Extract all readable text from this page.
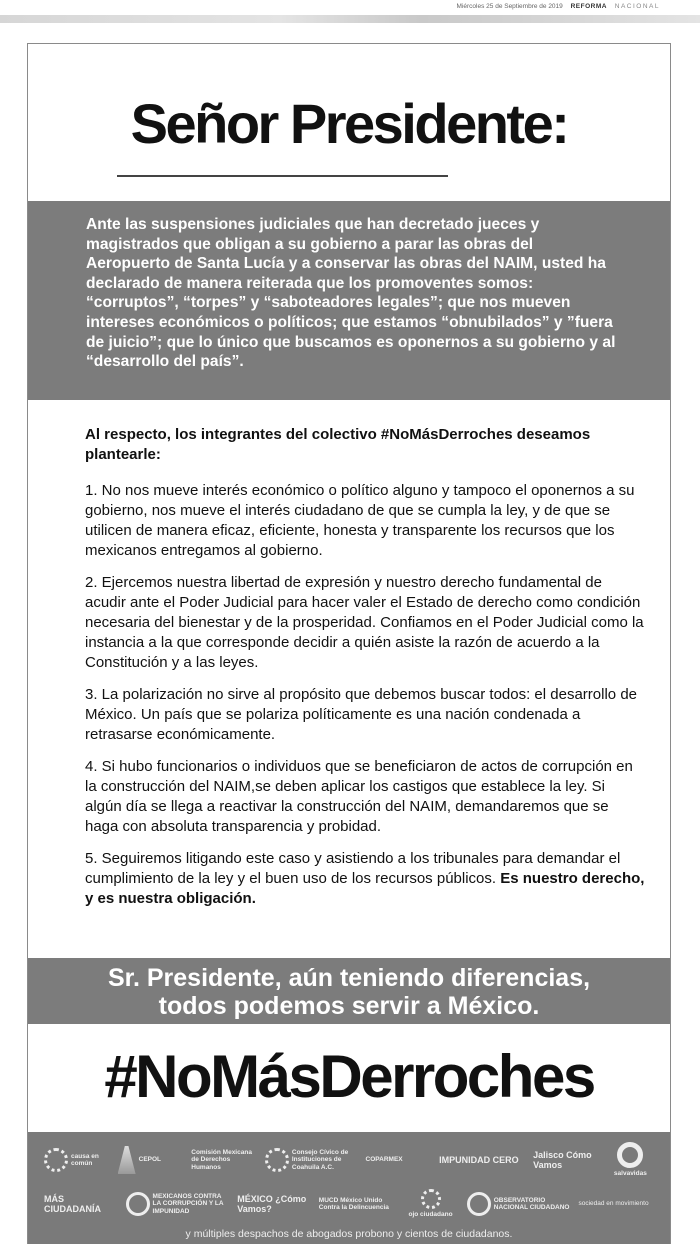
Miércoles 25 de Septiembre de 2019 REFORMA NACIONAL
Señor Presidente:

Ante las suspensiones judiciales que han decretado jueces y magistrados que obligan a su gobierno a parar las obras del Aeropuerto de Santa Lucía y a conservar las obras del NAIM, usted ha declarado de manera reiterada que los promoventes somos: “corruptos”, “torpes” y “saboteadores legales”; que nos mueven intereses económicos o políticos; que estamos “obnubilados” y ”fuera de juicio”; que lo único que buscamos es oponernos a su gobierno y al “desarrollo del país”.

Al respecto, los integrantes del colectivo #NoMásDerroches deseamos plantearle:

1. No nos mueve interés económico o político alguno y tampoco el oponernos a su gobierno, nos mueve el interés ciudadano de que se cumpla la ley, y de que se utilicen de manera eficaz, eficiente, honesta y transparente los recursos que los mexicanos entregamos al gobierno.

2. Ejercemos nuestra libertad de expresión y nuestro derecho fundamental de acudir ante el Poder Judicial para hacer valer el Estado de derecho como condición necesaria del bienestar y de la prosperidad. Confiamos en el Poder Judicial como la instancia a la que corresponde decidir a quién asiste la razón de acuerdo a la Constitución y a las leyes.

3. La polarización no sirve al propósito que debemos buscar todos: el desarrollo de México. Un país que se polariza políticamente es una nación condenada a retrasarse económicamente.

4. Si hubo funcionarios o individuos que se beneficiaron de actos de corrupción en la construcción del NAIM,se deben aplicar los castigos que establece la ley. Si algún día se llega a reactivar la construcción del NAIM, demandaremos que se haga con absoluta transparencia y probidad.

5. Seguiremos litigando este caso y asistiendo a los tribunales para demandar el cumplimiento de la ley y el buen uso de los recursos públicos. Es nuestro derecho, y es nuestra obligación.

Sr. Presidente, aún teniendo diferencias,
todos podemos servir a México.

#NoMásDerroches
causa en común
CEPOL
Comisión Mexicana de Derechos Humanos
Consejo Cívico de Instituciones de Coahuila A.C.
COPARMEX	IMPUNIDAD CERO Jalisco Cómo Vamos
salvavidas
MÁS CIUDADANÍA
MEXICANOS CONTRA LA CORRUPCIÓN Y LA IMPUNIDAD
MÉXICO ¿Cómo Vamos?
MUCD México Unido Contra la Delincuencia
ojo ciudadano
OBSERVATORIO NACIONAL CIUDADANO
sociedad en movimiento
y múltiples despachos de abogados probono y cientos de ciudadanos.
